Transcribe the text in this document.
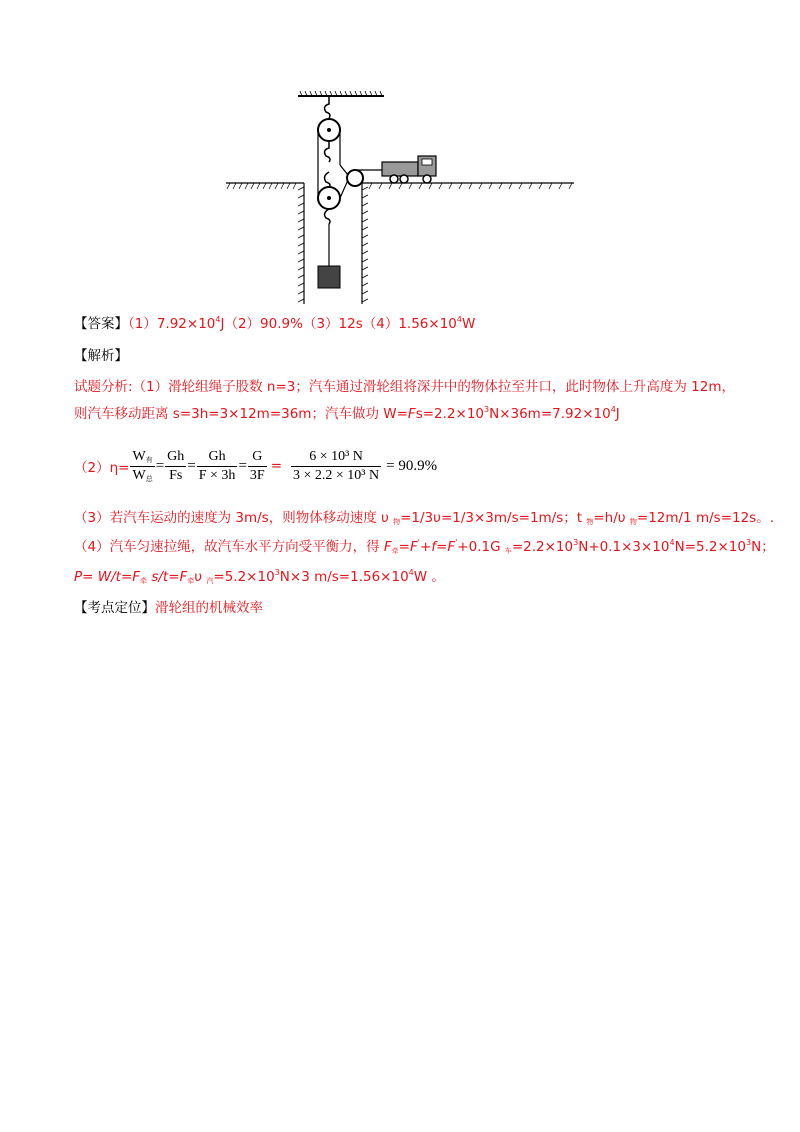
【答案】$(1)7.92\times 10^4J(2)90.9\%(3)12s(4)1.56\times 10^4W$
【解析】
试题分析:（1）滑轮组绳子股数 n=3；汽车通过滑轮组将深井中的物体拉至井口，此时物体上升高度为 12m，
则汽车移动距离 s=3h=3×12m=36m；汽车做功 $W=Fs=2.2\times 10^3N\times 36m=7.92\times 10^4J$
$(2)\eta= \frac{W_有}{W_总} = \frac{Gh}{Fs} = \frac{Gh}{F \times 3h} = \frac{G}{3F} = \frac{\text{6 × 10³ N}}{\text{3 × 2.2 × 10³ N}} = 90.9\%$
（3）若汽车运动的速度为 3m/s，则物体移动速度 υ $_物$=1/3υ=1/3×3m/s=1m/s；t $_物$=h/υ $_物$=12m/1 m/s=12s。.
（4）汽车匀速拉绳，故汽车水平方向受平衡力，得 $F_牵=F'+f=F'+0.1G$ $_车=2.2\times 10^3N+0.1\times 3\times 10^4N=5.2\times 10^3N$；
$P= W/t=F_牵$ $s/t=F_牵\upsilon$ $_汽=5.2\times 10^3N\times 3$ $m/s=1.56\times 10^4W$ 。
【考点定位】滑轮组的机械效率
